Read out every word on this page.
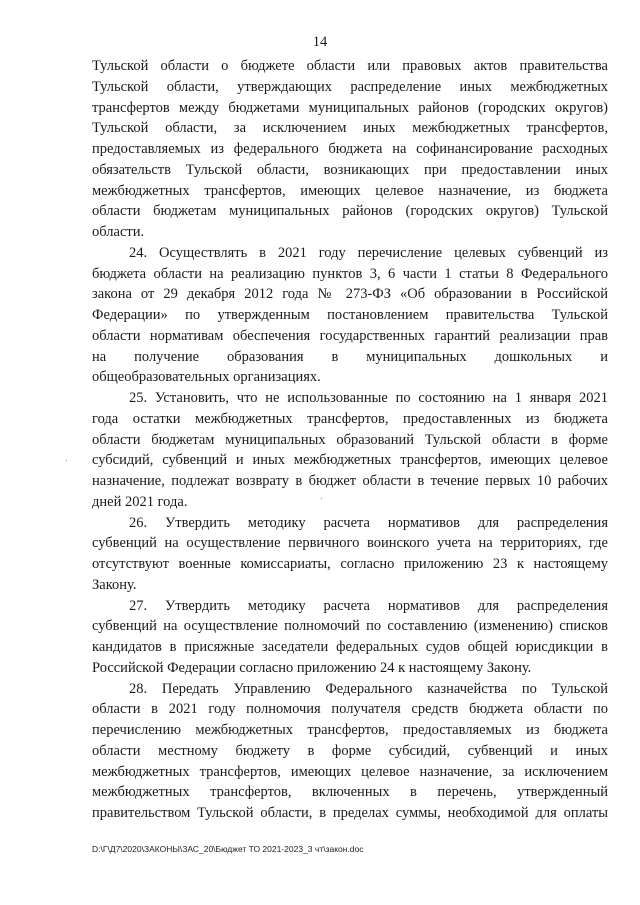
14
Тульской области о бюджете области или правовых актов правительства
Тульской области, утверждающих распределение иных межбюджетных
трансфертов между бюджетами муниципальных районов (городских округов)
Тульской области, за исключением иных межбюджетных трансфертов,
предоставляемых из федерального бюджета на софинансирование расходных
обязательств Тульской области, возникающих при предоставлении иных
межбюджетных трансфертов, имеющих целевое назначение, из бюджета
области бюджетам муниципальных районов (городских округов) Тульской
области.
24. Осуществлять в 2021 году перечисление целевых субвенций из
бюджета области на реализацию пунктов 3, 6 части 1 статьи 8 Федерального
закона от 29 декабря 2012 года № 273-ФЗ «Об образовании в Российской
Федерации» по утвержденным постановлением правительства Тульской
области нормативам обеспечения государственных гарантий реализации прав
на получение образования в муниципальных дошкольных и
общеобразовательных организациях.
25. Установить, что не использованные по состоянию на 1 января 2021
года остатки межбюджетных трансфертов, предоставленных из бюджета
области бюджетам муниципальных образований Тульской области в форме
субсидий, субвенций и иных межбюджетных трансфертов, имеющих целевое
назначение, подлежат возврату в бюджет области в течение первых 10 рабочих
дней 2021 года.
26. Утвердить методику расчета нормативов для распределения
субвенций на осуществление первичного воинского учета на территориях, где
отсутствуют военные комиссариаты, согласно приложению 23 к настоящему
Закону.
27. Утвердить методику расчета нормативов для распределения
субвенций на осуществление полномочий по составлению (изменению) списков
кандидатов в присяжные заседатели федеральных судов общей юрисдикции в
Российской Федерации согласно приложению 24 к настоящему Закону.
28. Передать Управлению Федерального казначейства по Тульской
области в 2021 году полномочия получателя средств бюджета области по
перечислению межбюджетных трансфертов, предоставляемых из бюджета
области местному бюджету в форме субсидий, субвенций и иных
межбюджетных трансфертов, имеющих целевое назначение, за исключением
межбюджетных трансфертов, включенных в перечень, утвержденный
правительством Тульской области, в пределах суммы, необходимой для оплаты
D:\Г\Д7\2020\ЗАКОНЫ\ЗАС_20\Бюджет ТО 2021-2023_3 чт\закон.doc
